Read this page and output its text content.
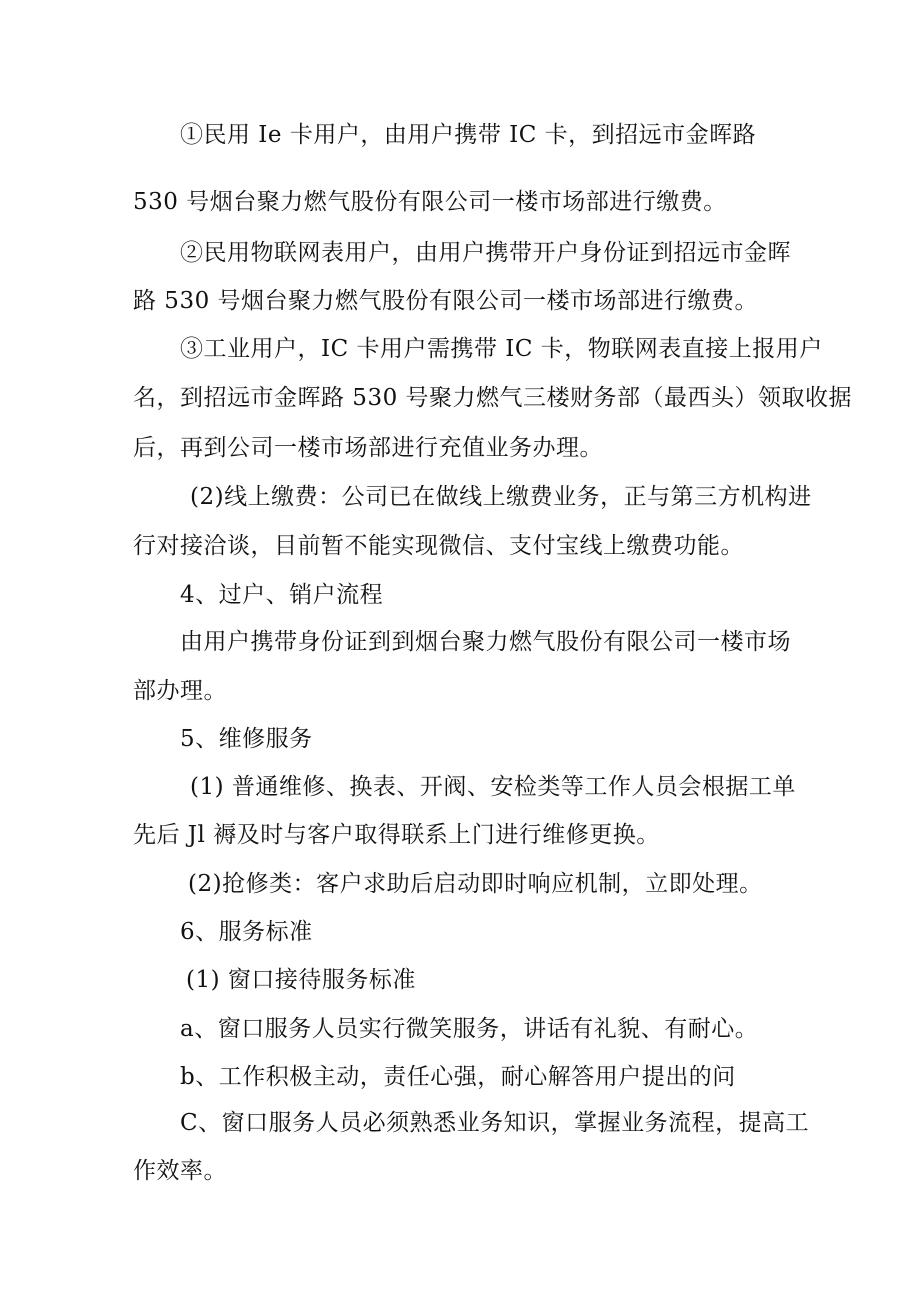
①民用 Ie 卡用户，由用户携带 IC 卡，到招远市金晖路
530 号烟台聚力燃气股份有限公司一楼市场部进行缴费。
②民用物联网表用户，由用户携带开户身份证到招远市金晖
路 530 号烟台聚力燃气股份有限公司一楼市场部进行缴费。
③工业用户，IC 卡用户需携带 IC 卡，物联网表直接上报用户
名，到招远市金晖路 530 号聚力燃气三楼财务部（最西头）领取收据
后，再到公司一楼市场部进行充值业务办理。
(2)线上缴费：公司已在做线上缴费业务，正与第三方机构进
行对接洽谈，目前暂不能实现微信、支付宝线上缴费功能。
4、过户、销户流程
由用户携带身份证到到烟台聚力燃气股份有限公司一楼市场
部办理。
5、维修服务
(1) 普通维修、换表、开阀、安检类等工作人员会根据工单
先后 Jl 褥及时与客户取得联系上门进行维修更换。
(2)抢修类：客户求助后启动即时响应机制，立即处理。
6、服务标准
(1) 窗口接待服务标准
a、窗口服务人员实行微笑服务，讲话有礼貌、有耐心。
b、工作积极主动，责任心强，耐心解答用户提出的问
C、窗口服务人员必须熟悉业务知识，掌握业务流程，提高工
作效率。
